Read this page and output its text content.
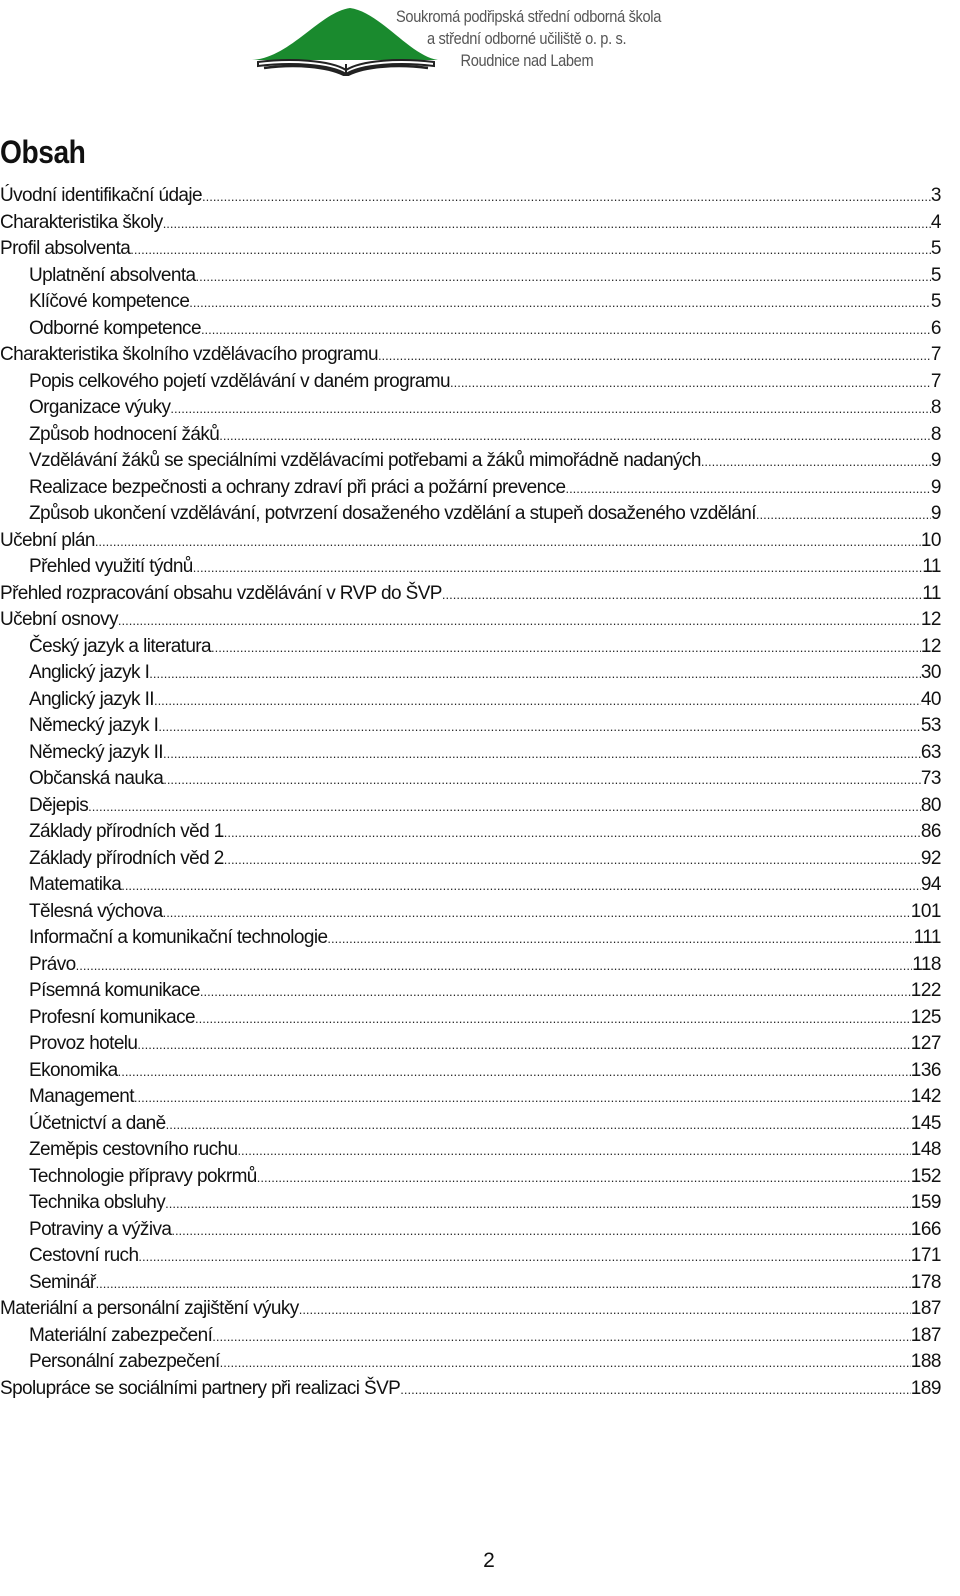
Soukromá podřipská střední odborná škola
a střední odborné učiliště o. p. s.
Roudnice nad Labem
Obsah
Úvodní identifikační údaje .....	3
Charakteristika školy .....	4
Profil absolventa .....	5
Uplatnění absolventa .....	5
Klíčové kompetence .....	5
Odborné kompetence .....	6
Charakteristika školního vzdělávacího programu .....	7
Popis celkového pojetí vzdělávání v daném programu .....	7
Organizace výuky .....	8
Způsob hodnocení žáků .....	8
Vzdělávání žáků se speciálními vzdělávacími potřebami a žáků mimořádně nadaných .....	9
Realizace bezpečnosti a ochrany zdraví při práci a požární prevence .....	9
Způsob ukončení vzdělávání, potvrzení dosaženého vzdělání a stupeň dosaženého vzdělání .....	9
Učební plán .....	10
Přehled využití týdnů .....	11
Přehled rozpracování obsahu vzdělávání v RVP do ŠVP .....	11
Učební osnovy .....	12
Český jazyk a literatura .....	12
Anglický jazyk I .....	30
Anglický jazyk II .....	40
Německý jazyk I .....	53
Německý jazyk II .....	63
Občanská nauka .....	73
Dějepis .....	80
Základy přírodních věd 1 .....	86
Základy přírodních věd 2 .....	92
Matematika .....	94
Tělesná výchova .....	101
Informační a komunikační technologie .....	111
Právo .....	118
Písemná komunikace .....	122
Profesní komunikace .....	125
Provoz hotelu .....	127
Ekonomika .....	136
Management .....	142
Účetnictví a daně .....	145
Zeměpis cestovního ruchu .....	148
Technologie přípravy pokrmů .....	152
Technika obsluhy .....	159
Potraviny a výživa .....	166
Cestovní ruch .....	171
Seminář .....	178
Materiální a personální zajištění výuky .....	187
Materiální zabezpečení .....	187
Personální zabezpečení .....	188
Spolupráce se sociálními partnery při realizaci ŠVP .....	189
2
